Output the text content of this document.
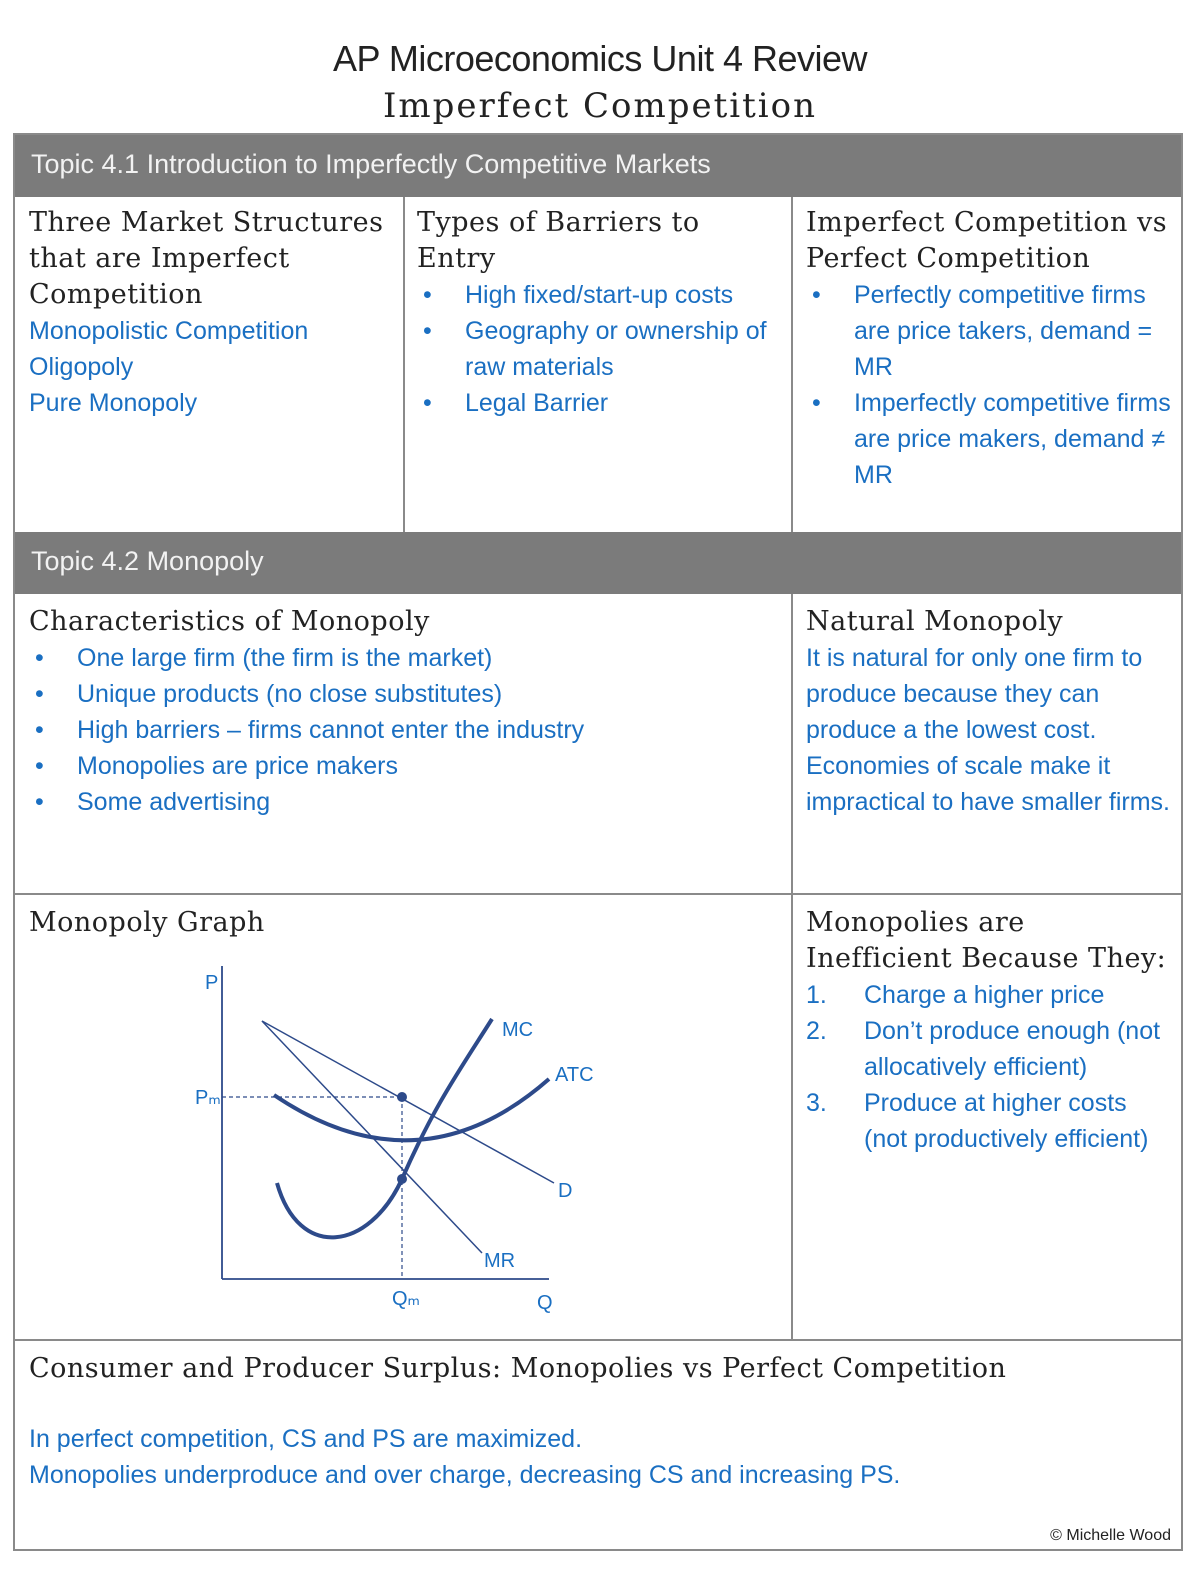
AP Microeconomics Unit 4 Review
Imperfect Competition
Topic 4.1 Introduction to Imperfectly Competitive Markets

Three Market Structures that are Imperfect Competition

Monopolistic Competition
Oligopoly
Pure Monopoly

Types of Barriers to Entry

• High fixed/start-up costs
• Geography or ownership of raw materials
• Legal Barrier

Imperfect Competition vs Perfect Competition

• Perfectly competitive firms are price takers, demand = MR
• Imperfectly competitive firms are price makers, demand ≠ MR
Topic 4.2 Monopoly

Characteristics of Monopoly

• One large firm (the firm is the market)
• Unique products (no close substitutes)
• High barriers – firms cannot enter the industry
• Monopolies are price makers
• Some advertising

Natural Monopoly

It is natural for only one firm to produce because they can produce a the lowest cost. Economies of scale make it impractical to have smaller firms.

Monopoly Graph

P
Q
Pₘ
Qₘ
MC
ATC
D
MR

Monopolies are Inefficient Because They:

1. Charge a higher price
2. Don’t produce enough (not allocatively efficient)
3. Produce at higher costs (not productively efficient)

Consumer and Producer Surplus: Monopolies vs Perfect Competition

In perfect competition, CS and PS are maximized.
Monopolies underproduce and over charge, decreasing CS and increasing PS.
© Michelle Wood
